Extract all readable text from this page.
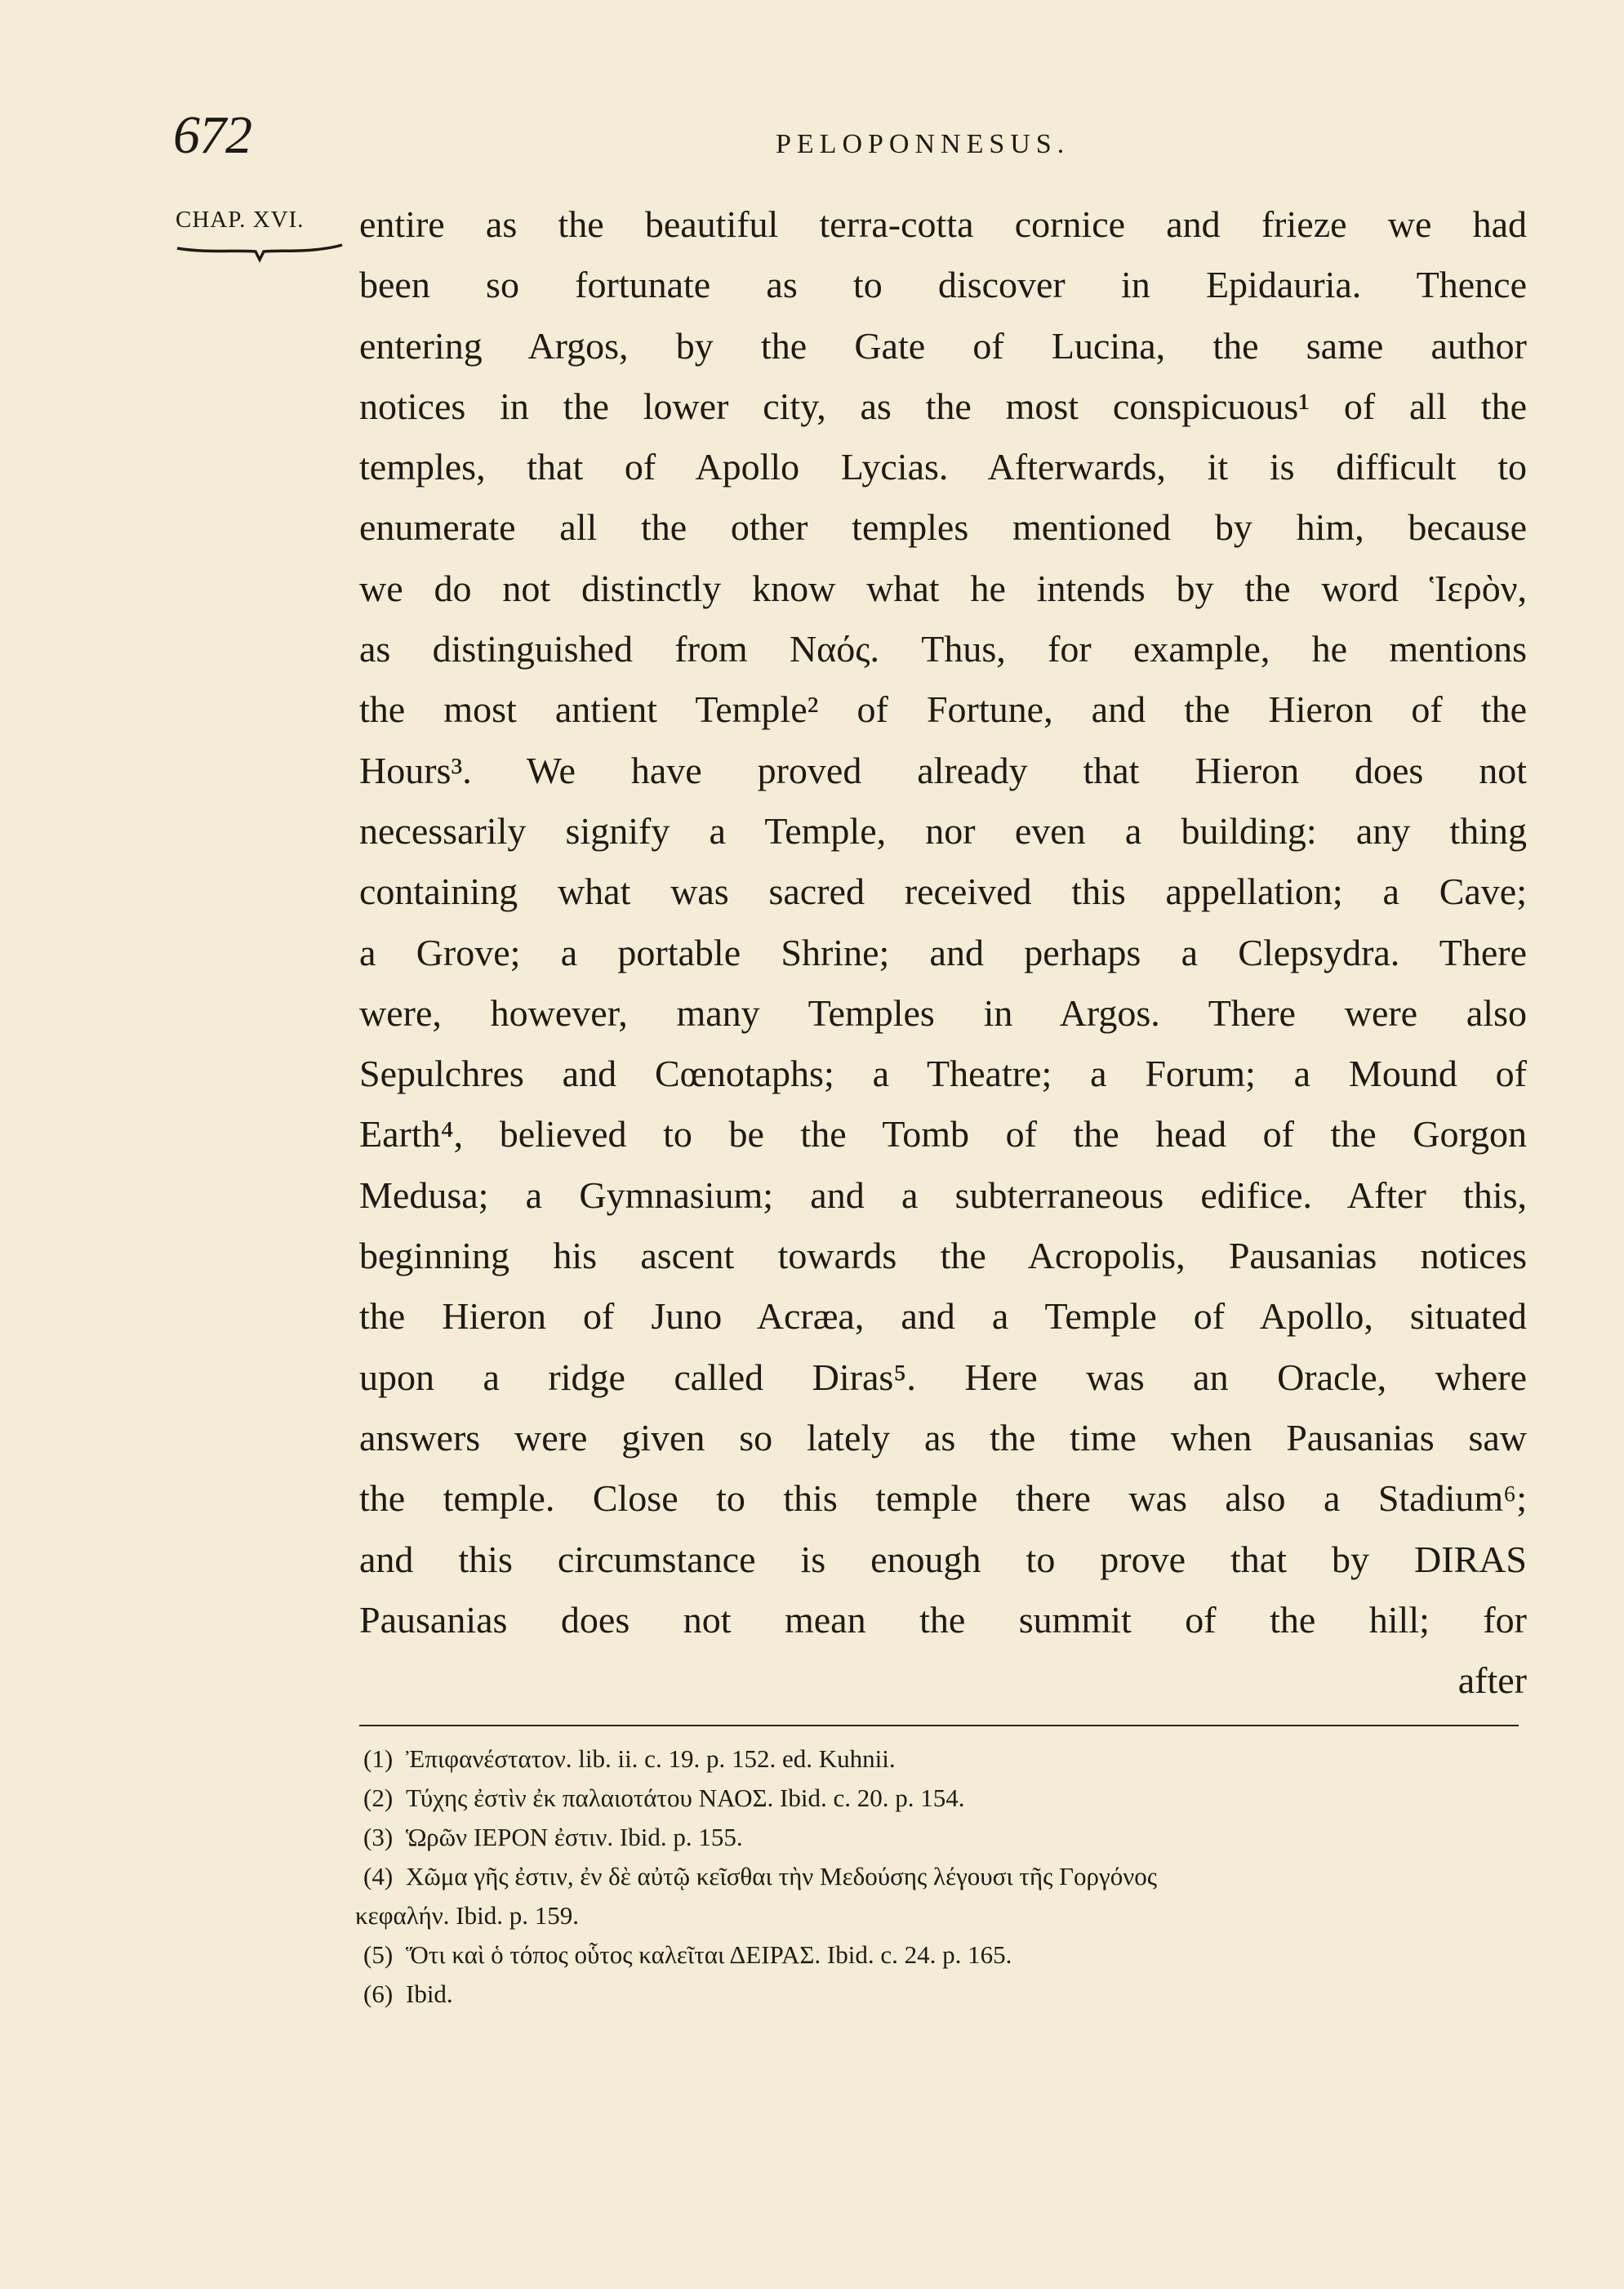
672	PELOPONNESUS.
CHAP. XVI. entire as the beautiful terra-cotta cornice and frieze we had
been so fortunate as to discover in Epidauria. Thence
entering Argos, by the Gate of Lucina, the same author
notices in the lower city, as the most conspicuous¹ of all the
temples, that of Apollo Lycias. Afterwards, it is difficult to
enumerate all the other temples mentioned by him, because
we do not distinctly know what he intends by the word Ἱερὸν,
as distinguished from Ναός. Thus, for example, he mentions
the most antient Temple² of Fortune, and the Hieron of the
Hours³. We have proved already that Hieron does not
necessarily signify a Temple, nor even a building: any thing
containing what was sacred received this appellation; a Cave;
a Grove; a portable Shrine; and perhaps a Clepsydra. There
were, however, many Temples in Argos. There were also
Sepulchres and Cœnotaphs; a Theatre; a Forum; a Mound of
Earth⁴, believed to be the Tomb of the head of the Gorgon
Medusa; a Gymnasium; and a subterraneous edifice. After this,
beginning his ascent towards the Acropolis, Pausanias notices
the Hieron of Juno Acræa, and a Temple of Apollo, situated
upon a ridge called Diras⁵. Here was an Oracle, where
answers were given so lately as the time when Pausanias saw
the temple. Close to this temple there was also a Stadium⁶;
and this circumstance is enough to prove that by DIRAS
Pausanias does not mean the summit of the hill; for
after
(1) Ἐπιφανέστατον. lib. ii. c. 19. p. 152. ed. Kuhnii.
(2) Τύχης ἐστὶν ἐκ παλαιοτάτου ΝΑΟΣ. Ibid. c. 20. p. 154.
(3) Ὡρῶν ΙΕΡΟΝ ἐστιν. Ibid. p. 155.
(4) Χῶμα γῆς ἐστιν, ἐν δὲ αὐτῷ κεῖσθαι τὴν Μεδούσης λέγουσι τῆς Γοργόνος
κεφαλήν. Ibid. p. 159.
(5) Ὅτι καὶ ὁ τόπος οὗτος καλεῖται ΔΕΙΡΑΣ. Ibid. c. 24. p. 165.
(6) Ibid.
